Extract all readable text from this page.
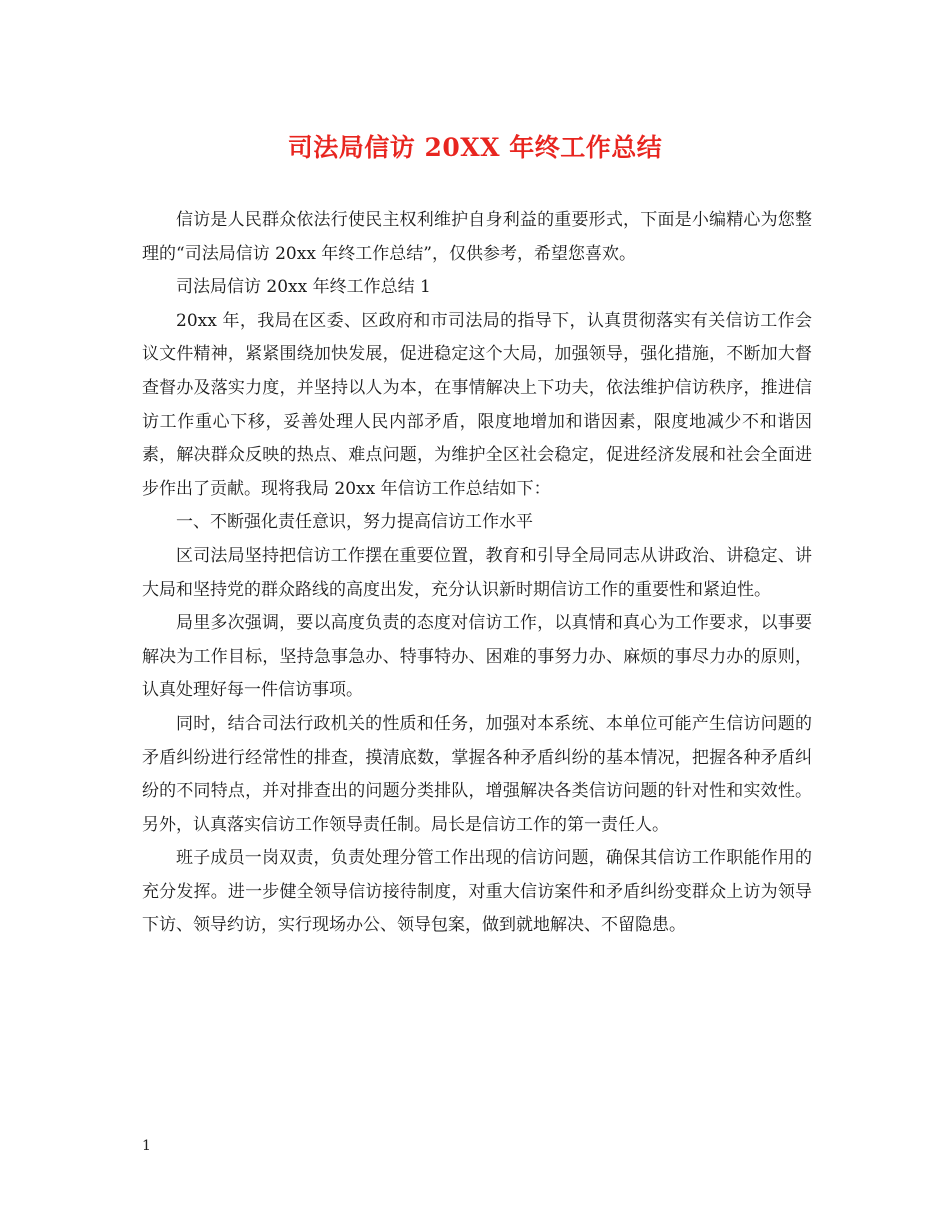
司法局信访 20XX 年终工作总结

信访是人民群众依法行使民主权利维护自身利益的重要形式，下面是小编精心为您整理的“司法局信访 20xx 年终工作总结”，仅供参考，希望您喜欢。

司法局信访 20xx 年终工作总结 1

20xx 年，我局在区委、区政府和市司法局的指导下，认真贯彻落实有关信访工作会议文件精神，紧紧围绕加快发展，促进稳定这个大局，加强领导，强化措施，不断加大督查督办及落实力度，并坚持以人为本，在事情解决上下功夫，依法维护信访秩序，推进信访工作重心下移，妥善处理人民内部矛盾，限度地增加和谐因素，限度地减少不和谐因素，解决群众反映的热点、难点问题，为维护全区社会稳定，促进经济发展和社会全面进步作出了贡献。现将我局 20xx 年信访工作总结如下：

一、不断强化责任意识，努力提高信访工作水平

区司法局坚持把信访工作摆在重要位置，教育和引导全局同志从讲政治、讲稳定、讲大局和坚持党的群众路线的高度出发，充分认识新时期信访工作的重要性和紧迫性。

局里多次强调，要以高度负责的态度对信访工作，以真情和真心为工作要求，以事要解决为工作目标，坚持急事急办、特事特办、困难的事努力办、麻烦的事尽力办的原则，认真处理好每一件信访事项。

同时，结合司法行政机关的性质和任务，加强对本系统、本单位可能产生信访问题的矛盾纠纷进行经常性的排查，摸清底数，掌握各种矛盾纠纷的基本情况，把握各种矛盾纠纷的不同特点，并对排查出的问题分类排队，增强解决各类信访问题的针对性和实效性。另外，认真落实信访工作领导责任制。局长是信访工作的第一责任人。

班子成员一岗双责，负责处理分管工作出现的信访问题，确保其信访工作职能作用的充分发挥。进一步健全领导信访接待制度，对重大信访案件和矛盾纠纷变群众上访为领导下访、领导约访，实行现场办公、领导包案，做到就地解决、不留隐患。

1
